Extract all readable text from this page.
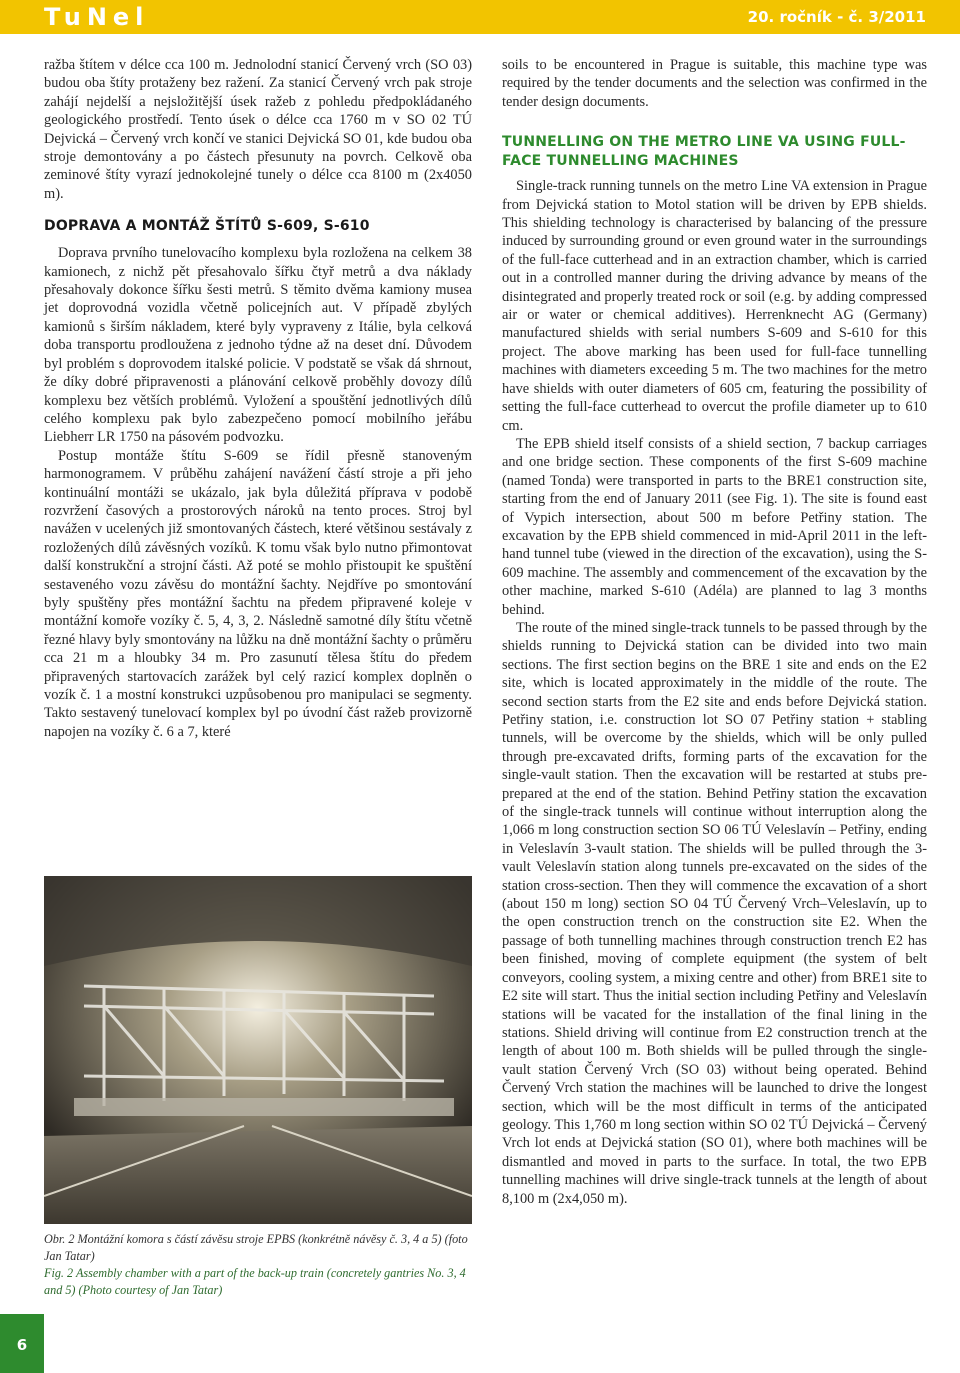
TuNel	20. ročník - č. 3/2011

ražba štítem v délce cca 100 m. Jednolodní stanicí Červený vrch (SO 03) budou oba štíty protaženy bez ražení. Za stanicí Červený vrch pak stroje zahájí nejdelší a nejsložitější úsek ražeb z pohledu předpokládaného geologického prostředí. Tento úsek o délce cca 1760 m v SO 02 TÚ Dejvická – Červený vrch končí ve stanici Dejvická SO 01, kde budou oba stroje demontovány a po částech přesunuty na povrch. Celkově oba zeminové štíty vyrazí jednokolejné tunely o délce cca 8100 m (2x4050 m).

DOPRAVA A MONTÁŽ ŠTÍTŮ S-609, S-610

Doprava prvního tunelovacího komplexu byla rozložena na celkem 38 kamionech, z nichž pět přesahovalo šířku čtyř metrů a dva náklady přesahovaly dokonce šířku šesti metrů. S těmito dvěma kamiony musea jet doprovodná vozidla včetně policejních aut. V případě zbylých kamionů s širším nákladem, které byly vypraveny z Itálie, byla celková doba transportu prodloužena z jednoho týdne až na deset dní. Důvodem byl problém s doprovodem italské policie. V podstatě se však dá shrnout, že díky dobré připravenosti a plánování celkově proběhly dovozy dílů komplexu bez větších problémů. Vyložení a spouštění jednotlivých dílů celého komplexu pak bylo zabezpečeno pomocí mobilního jeřábu Liebherr LR 1750 na pásovém podvozku.

Postup montáže štítu S-609 se řídil přesně stanoveným harmonogramem. V průběhu zahájení navážení částí stroje a při jeho kontinuální montáži se ukázalo, jak byla důležitá příprava v podobě rozvržení časových a prostorových nároků na tento proces. Stroj byl navážen v ucelených již smontovaných částech, které většinou sestávaly z rozložených dílů závěsných vozíků. K tomu však bylo nutno přimontovat další konstrukční a strojní části. Až poté se mohlo přistoupit ke spuštění sestaveného vozu závěsu do montážní šachty. Nejdříve po smontování byly spuštěny přes montážní šachtu na předem připravené koleje v montážní komoře vozíky č. 5, 4, 3, 2. Následně samotné díly štítu včetně řezné hlavy byly smontovány na lůžku na dně montážní šachty o průměru cca 21 m a hloubky 34 m. Pro zasunutí tělesa štítu do předem připravených startovacích zarážek byl celý razicí komplex doplněn o vozík č. 1 a mostní konstrukci uzpůsobenou pro manipulaci se segmenty. Takto sestavený tunelovací komplex byl po úvodní část ražeb provizorně napojen na vozíky č. 6 a 7, které

Obr. 2 Montážní komora s částí závěsu stroje EPBS (konkrétně návěsy č. 3, 4 a 5) (foto Jan Tatar)
Fig. 2 Assembly chamber with a part of the back-up train (concretely gantries No. 3, 4 and 5) (Photo courtesy of Jan Tatar)

soils to be encountered in Prague is suitable, this machine type was required by the tender documents and the selection was confirmed in the tender design documents.

TUNNELLING ON THE METRO LINE VA USING FULL-FACE TUNNELLING MACHINES

Single-track running tunnels on the metro Line VA extension in Prague from Dejvická station to Motol station will be driven by EPB shields. This shielding technology is characterised by balancing of the pressure induced by surrounding ground or even ground water in the surroundings of the full-face cutterhead and in an extraction chamber, which is carried out in a controlled manner during the driving advance by means of the disintegrated and properly treated rock or soil (e.g. by adding compressed air or water or chemical additives). Herrenknecht AG (Germany) manufactured shields with serial numbers S-609 and S-610 for this project. The above marking has been used for full-face tunnelling machines with diameters exceeding 5 m. The two machines for the metro have shields with outer diameters of 605 cm, featuring the possibility of setting the full-face cutterhead to overcut the profile diameter up to 610 cm.

The EPB shield itself consists of a shield section, 7 backup carriages and one bridge section. These components of the first S-609 machine (named Tonda) were transported in parts to the BRE1 construction site, starting from the end of January 2011 (see Fig. 1). The site is found east of Vypich intersection, about 500 m before Petřiny station. The excavation by the EPB shield commenced in mid-April 2011 in the left-hand tunnel tube (viewed in the direction of the excavation), using the S-609 machine. The assembly and commencement of the excavation by the other machine, marked S-610 (Adéla) are planned to lag 3 months behind.

The route of the mined single-track tunnels to be passed through by the shields running to Dejvická station can be divided into two main sections. The first section begins on the BRE 1 site and ends on the E2 site, which is located approximately in the middle of the route. The second section starts from the E2 site and ends before Dejvická station. Petřiny station, i.e. construction lot SO 07 Petřiny station + stabling tunnels, will be overcome by the shields, which will be only pulled through pre-excavated drifts, forming parts of the excavation for the single-vault station. Then the excavation will be restarted at stubs pre-prepared at the end of the station. Behind Petřiny station the excavation of the single-track tunnels will continue without interruption along the 1,066 m long construction section SO 06 TÚ Veleslavín – Petřiny, ending in Veleslavín 3-vault station. The shields will be pulled through the 3-vault Veleslavín station along tunnels pre-excavated on the sides of the station cross-section. Then they will commence the excavation of a short (about 150 m long) section SO 04 TÚ Červený Vrch–Veleslavín, up to the open construction trench on the construction site E2. When the passage of both tunnelling machines through construction trench E2 has been finished, moving of complete equipment (the system of belt conveyors, cooling system, a mixing centre and other) from BRE1 site to E2 site will start. Thus the initial section including Petřiny and Veleslavín stations will be vacated for the installation of the final lining in the stations. Shield driving will continue from E2 construction trench at the length of about 100 m. Both shields will be pulled through the single-vault station Červený Vrch (SO 03) without being operated. Behind Červený Vrch station the machines will be launched to drive the longest section, which will be the most difficult in terms of the anticipated geology. This 1,760 m long section within SO 02 TÚ Dejvická – Červený Vrch lot ends at Dejvická station (SO 01), where both machines will be dismantled and moved in parts to the surface. In total, the two EPB tunnelling machines will drive single-track tunnels at the length of about 8,100 m (2x4,050 m).

6
